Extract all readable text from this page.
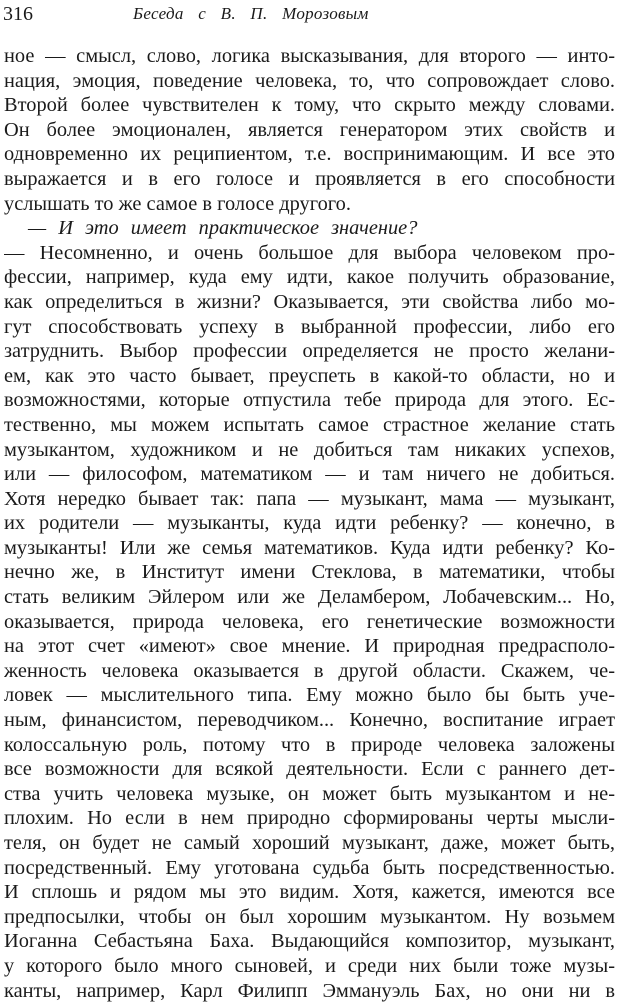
316	Беседа с В. П. Морозовым
ное — смысл, слово, логика высказывания, для второго — инто-
нация, эмоция, поведение человека, то, что сопровождает слово.
Второй более чувствителен к тому, что скрыто между словами.
Он более эмоционален, является генератором этих свойств и
одновременно их реципиентом, т.е. воспринимающим. И все это
выражается и в его голосе и проявляется в его способности
услышать то же самое в голосе другого.
— И это имеет практическое значение?
— Несомненно, и очень большое для выбора человеком про-
фессии, например, куда ему идти, какое получить образование,
как определиться в жизни? Оказывается, эти свойства либо мо-
гут способствовать успеху в выбранной профессии, либо его
затруднить. Выбор профессии определяется не просто желани-
ем, как это часто бывает, преуспеть в какой-то области, но и
возможностями, которые отпустила тебе природа для этого. Ес-
тественно, мы можем испытать самое страстное желание стать
музыкантом, художником и не добиться там никаких успехов,
или — философом, математиком — и там ничего не добиться.
Хотя нередко бывает так: папа — музыкант, мама — музыкант,
их родители — музыканты, куда идти ребенку? — конечно, в
музыканты! Или же семья математиков. Куда идти ребенку? Ко-
нечно же, в Институт имени Стеклова, в математики, чтобы
стать великим Эйлером или же Деламбером, Лобачевским... Но,
оказывается, природа человека, его генетические возможности
на этот счет «имеют» свое мнение. И природная предрасполо-
женность человека оказывается в другой области. Скажем, че-
ловек — мыслительного типа. Ему можно было бы быть уче-
ным, финансистом, переводчиком... Конечно, воспитание играет
колоссальную роль, потому что в природе человека заложены
все возможности для всякой деятельности. Если с раннего дет-
ства учить человека музыке, он может быть музыкантом и не-
плохим. Но если в нем природно сформированы черты мысли-
теля, он будет не самый хороший музыкант, даже, может быть,
посредственный. Ему уготована судьба быть посредственностью.
И сплошь и рядом мы это видим. Хотя, кажется, имеются все
предпосылки, чтобы он был хорошим музыкантом. Ну возьмем
Иоганна Себастьяна Баха. Выдающийся композитор, музыкант,
у которого было много сыновей, и среди них были тоже музы-
канты, например, Карл Филипп Эммануэль Бах, но они ни в
